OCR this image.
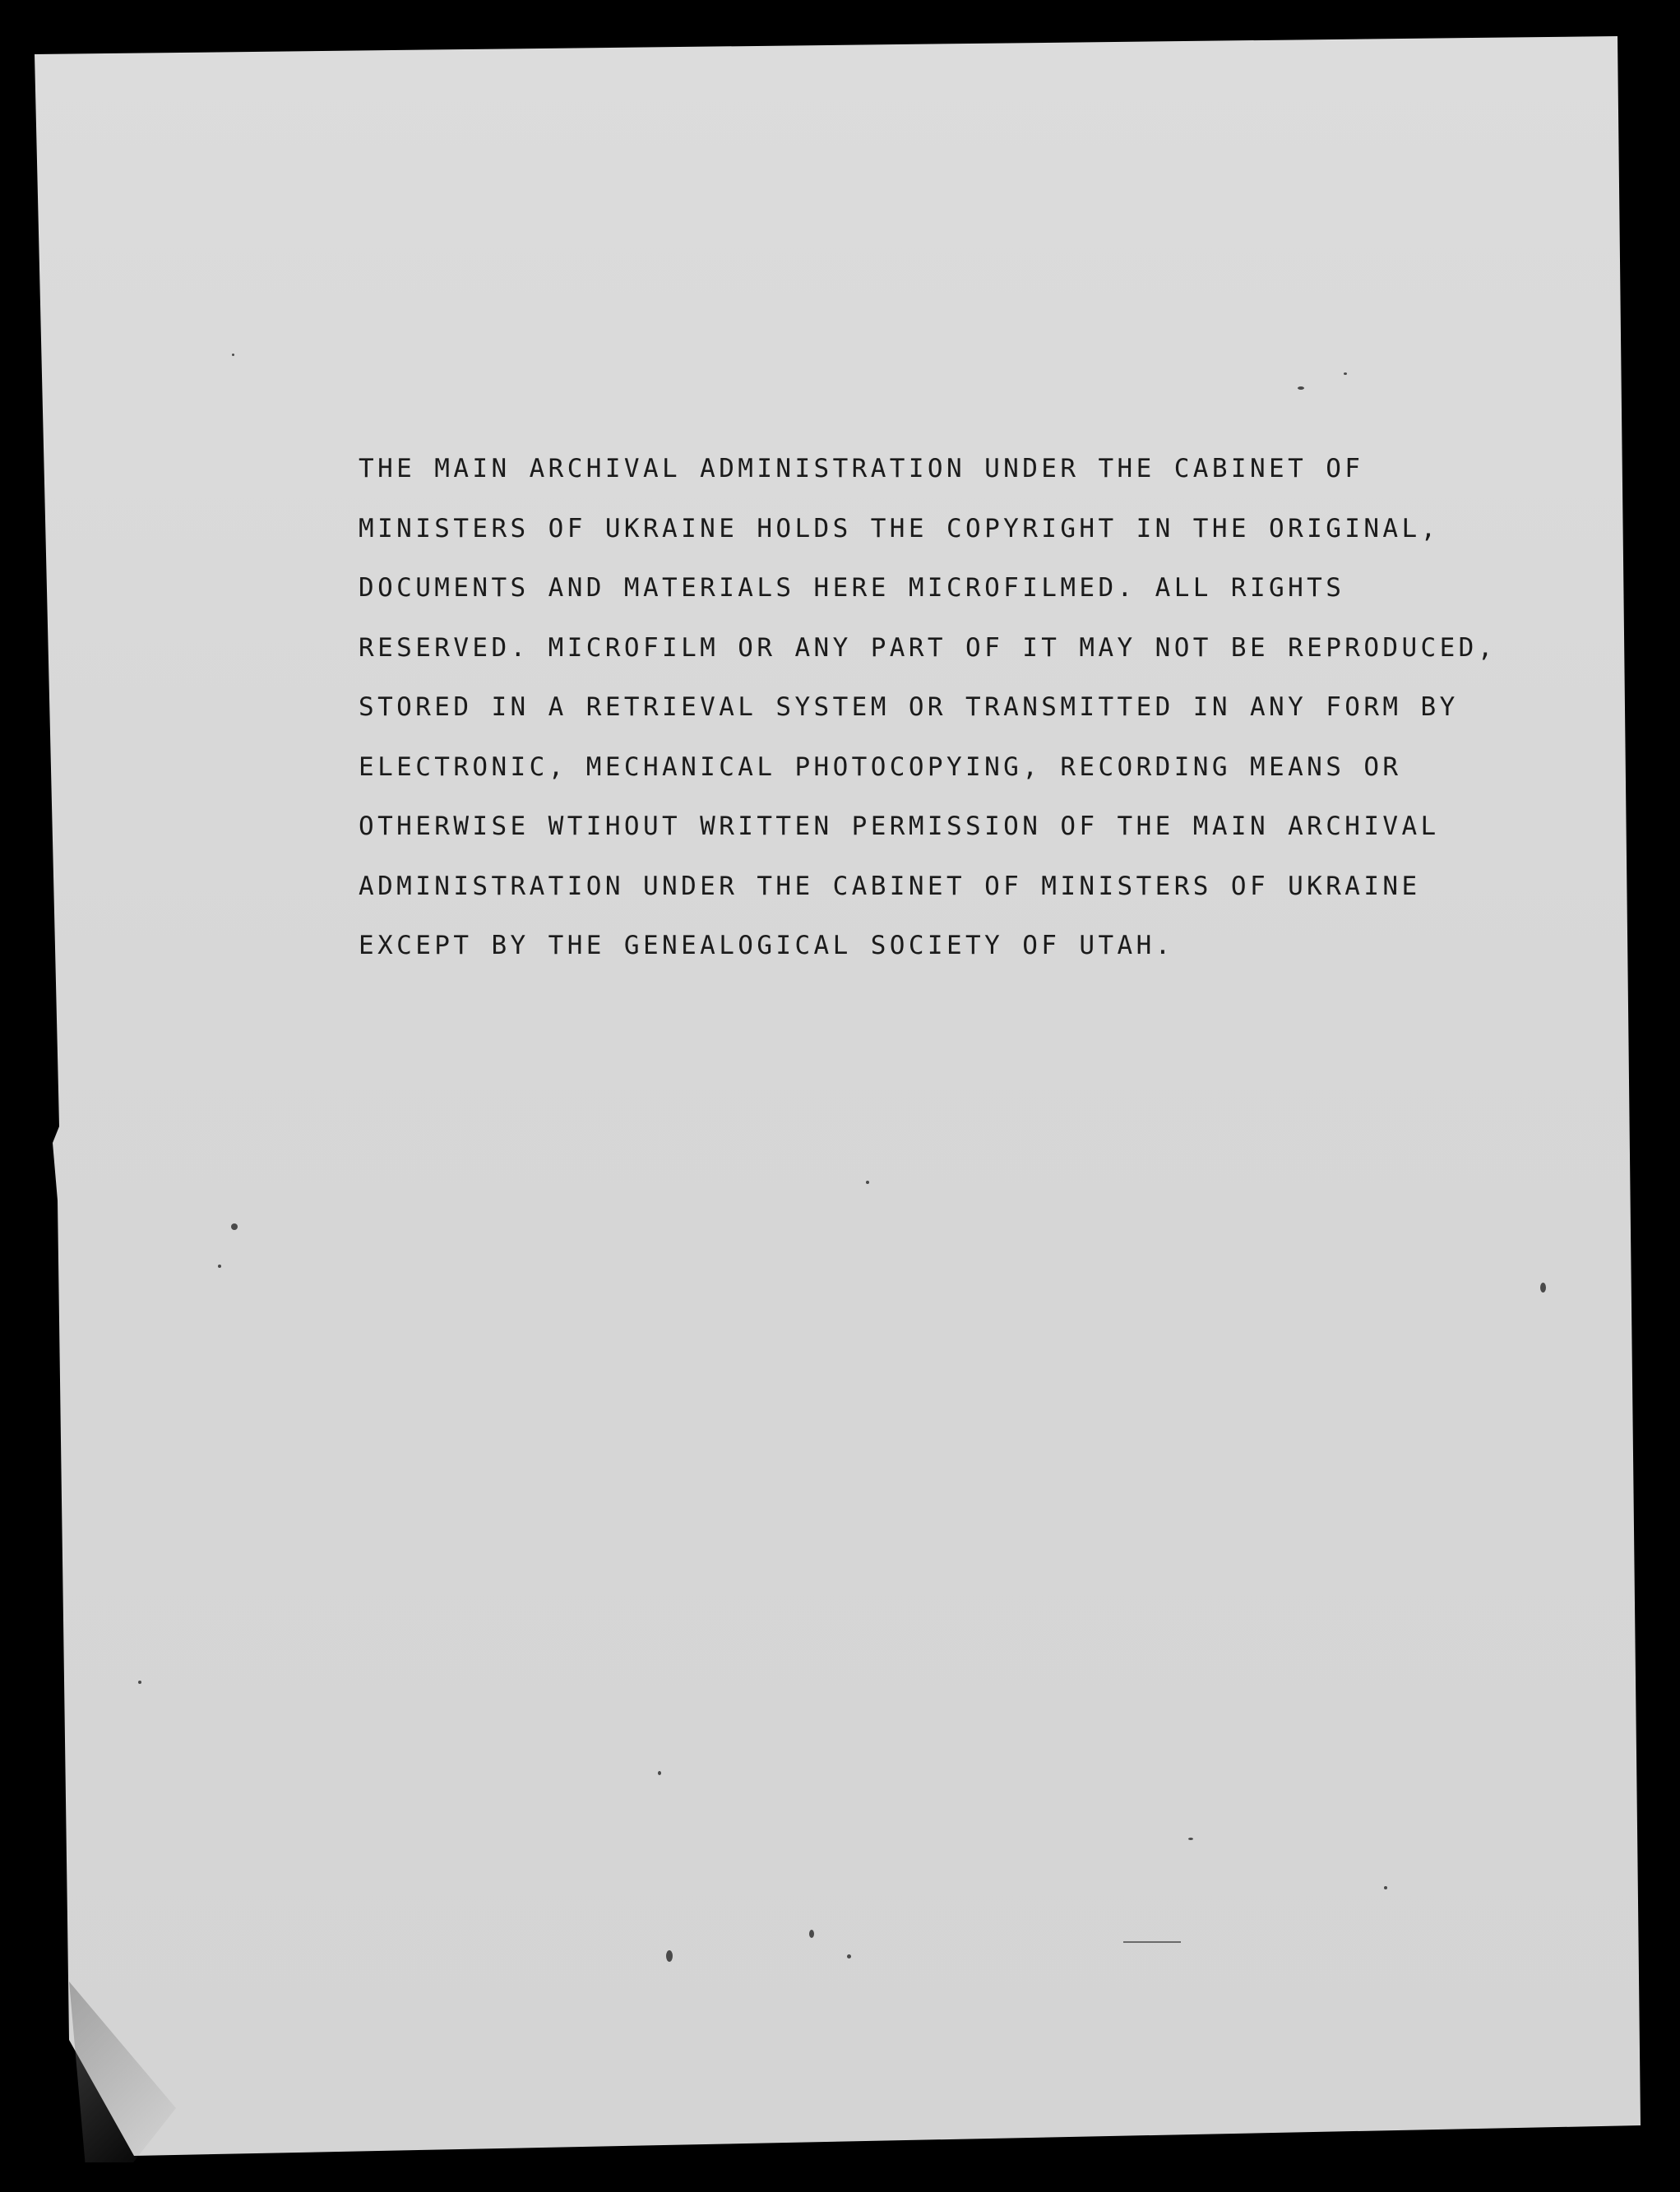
THE MAIN ARCHIVAL ADMINISTRATION UNDER THE CABINET OF
MINISTERS OF UKRAINE HOLDS THE COPYRIGHT IN THE ORIGINAL,
DOCUMENTS AND MATERIALS HERE MICROFILMED. ALL RIGHTS
RESERVED. MICROFILM OR ANY PART OF IT MAY NOT BE REPRODUCED,
STORED IN A RETRIEVAL SYSTEM OR TRANSMITTED IN ANY FORM BY
ELECTRONIC, MECHANICAL PHOTOCOPYING, RECORDING MEANS OR
OTHERWISE WTIHOUT WRITTEN PERMISSION OF THE MAIN ARCHIVAL
ADMINISTRATION UNDER THE CABINET OF MINISTERS OF UKRAINE
EXCEPT BY THE GENEALOGICAL SOCIETY OF UTAH.
